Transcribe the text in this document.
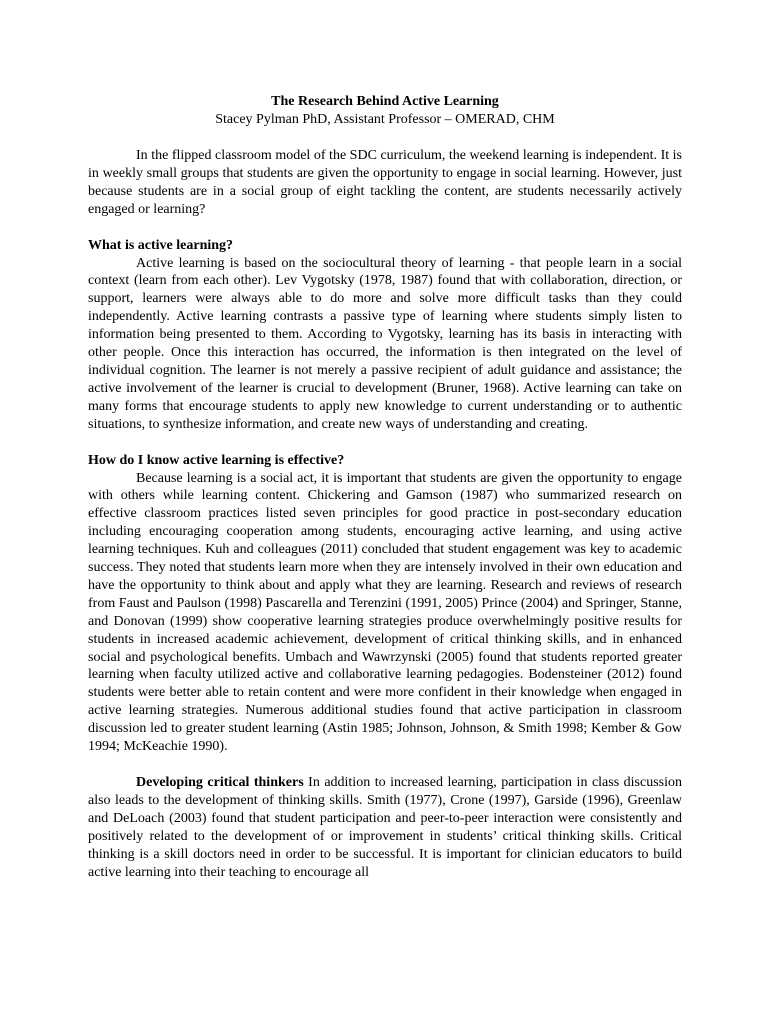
The Research Behind Active Learning
Stacey Pylman PhD, Assistant Professor – OMERAD, CHM

In the flipped classroom model of the SDC curriculum, the weekend learning is independent. It is in weekly small groups that students are given the opportunity to engage in social learning. However, just because students are in a social group of eight tackling the content, are students necessarily actively engaged or learning?

What is active learning?

Active learning is based on the sociocultural theory of learning - that people learn in a social context (learn from each other). Lev Vygotsky (1978, 1987) found that with collaboration, direction, or support, learners were always able to do more and solve more difficult tasks than they could independently. Active learning contrasts a passive type of learning where students simply listen to information being presented to them. According to Vygotsky, learning has its basis in interacting with other people. Once this interaction has occurred, the information is then integrated on the level of individual cognition. The learner is not merely a passive recipient of adult guidance and assistance; the active involvement of the learner is crucial to development (Bruner, 1968). Active learning can take on many forms that encourage students to apply new knowledge to current understanding or to authentic situations, to synthesize information, and create new ways of understanding and creating.

How do I know active learning is effective?

Because learning is a social act, it is important that students are given the opportunity to engage with others while learning content. Chickering and Gamson (1987) who summarized research on effective classroom practices listed seven principles for good practice in post-secondary education including encouraging cooperation among students, encouraging active learning, and using active learning techniques. Kuh and colleagues (2011) concluded that student engagement was key to academic success. They noted that students learn more when they are intensely involved in their own education and have the opportunity to think about and apply what they are learning. Research and reviews of research from Faust and Paulson (1998) Pascarella and Terenzini (1991, 2005) Prince (2004) and Springer, Stanne, and Donovan (1999) show cooperative learning strategies produce overwhelmingly positive results for students in increased academic achievement, development of critical thinking skills, and in enhanced social and psychological benefits. Umbach and Wawrzynski (2005) found that students reported greater learning when faculty utilized active and collaborative learning pedagogies. Bodensteiner (2012) found students were better able to retain content and were more confident in their knowledge when engaged in active learning strategies. Numerous additional studies found that active participation in classroom discussion led to greater student learning (Astin 1985; Johnson, Johnson, & Smith 1998; Kember & Gow 1994; McKeachie 1990).

Developing critical thinkers In addition to increased learning, participation in class discussion also leads to the development of thinking skills. Smith (1977), Crone (1997), Garside (1996), Greenlaw and DeLoach (2003) found that student participation and peer-to-peer interaction were consistently and positively related to the development of or improvement in students’ critical thinking skills. Critical thinking is a skill doctors need in order to be successful. It is important for clinician educators to build active learning into their teaching to encourage all
